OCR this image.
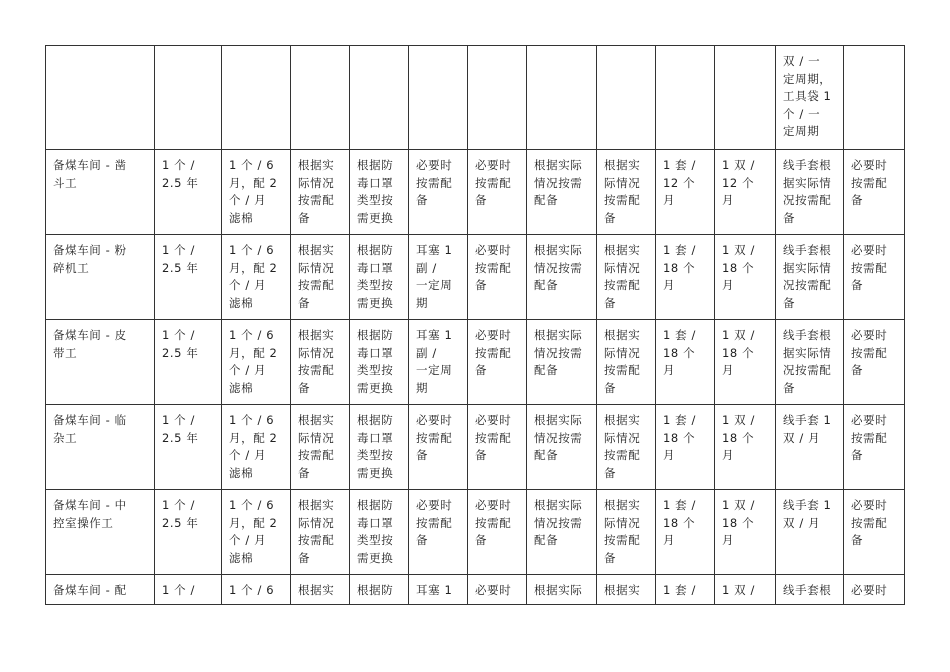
											双 / 一
定周期，
工具袋 1
个 / 一
定周期	
备煤车间 - 凿
斗工	1 个 /
2.5 年	1 个 / 6
月，配 2
个 / 月
滤棉	根据实
际情况
按需配
备	根据防
毒口罩
类型按
需更换	必要时
按需配
备	必要时
按需配
备	根据实际
情况按需
配备	根据实
际情况
按需配
备	1 套 /
12 个
月	1 双 /
12 个
月	线手套根
据实际情
况按需配
备	必要时
按需配
备
备煤车间 - 粉
碎机工	1 个 /
2.5 年	1 个 / 6
月，配 2
个 / 月
滤棉	根据实
际情况
按需配
备	根据防
毒口罩
类型按
需更换	耳塞 1
副 /
一定周
期	必要时
按需配
备	根据实际
情况按需
配备	根据实
际情况
按需配
备	1 套 /
18 个
月	1 双 /
18 个
月	线手套根
据实际情
况按需配
备	必要时
按需配
备
备煤车间 - 皮
带工	1 个 /
2.5 年	1 个 / 6
月，配 2
个 / 月
滤棉	根据实
际情况
按需配
备	根据防
毒口罩
类型按
需更换	耳塞 1
副 /
一定周
期	必要时
按需配
备	根据实际
情况按需
配备	根据实
际情况
按需配
备	1 套 /
18 个
月	1 双 /
18 个
月	线手套根
据实际情
况按需配
备	必要时
按需配
备
备煤车间 - 临
杂工	1 个 /
2.5 年	1 个 / 6
月，配 2
个 / 月
滤棉	根据实
际情况
按需配
备	根据防
毒口罩
类型按
需更换	必要时
按需配
备	必要时
按需配
备	根据实际
情况按需
配备	根据实
际情况
按需配
备	1 套 /
18 个
月	1 双 /
18 个
月	线手套 1
双 / 月	必要时
按需配
备
备煤车间 - 中
控室操作工	1 个 /
2.5 年	1 个 / 6
月，配 2
个 / 月
滤棉	根据实
际情况
按需配
备	根据防
毒口罩
类型按
需更换	必要时
按需配
备	必要时
按需配
备	根据实际
情况按需
配备	根据实
际情况
按需配
备	1 套 /
18 个
月	1 双 /
18 个
月	线手套 1
双 / 月	必要时
按需配
备
备煤车间 - 配	1 个 /	1 个 / 6	根据实	根据防	耳塞 1	必要时	根据实际	根据实	1 套 /	1 双 /	线手套根	必要时
